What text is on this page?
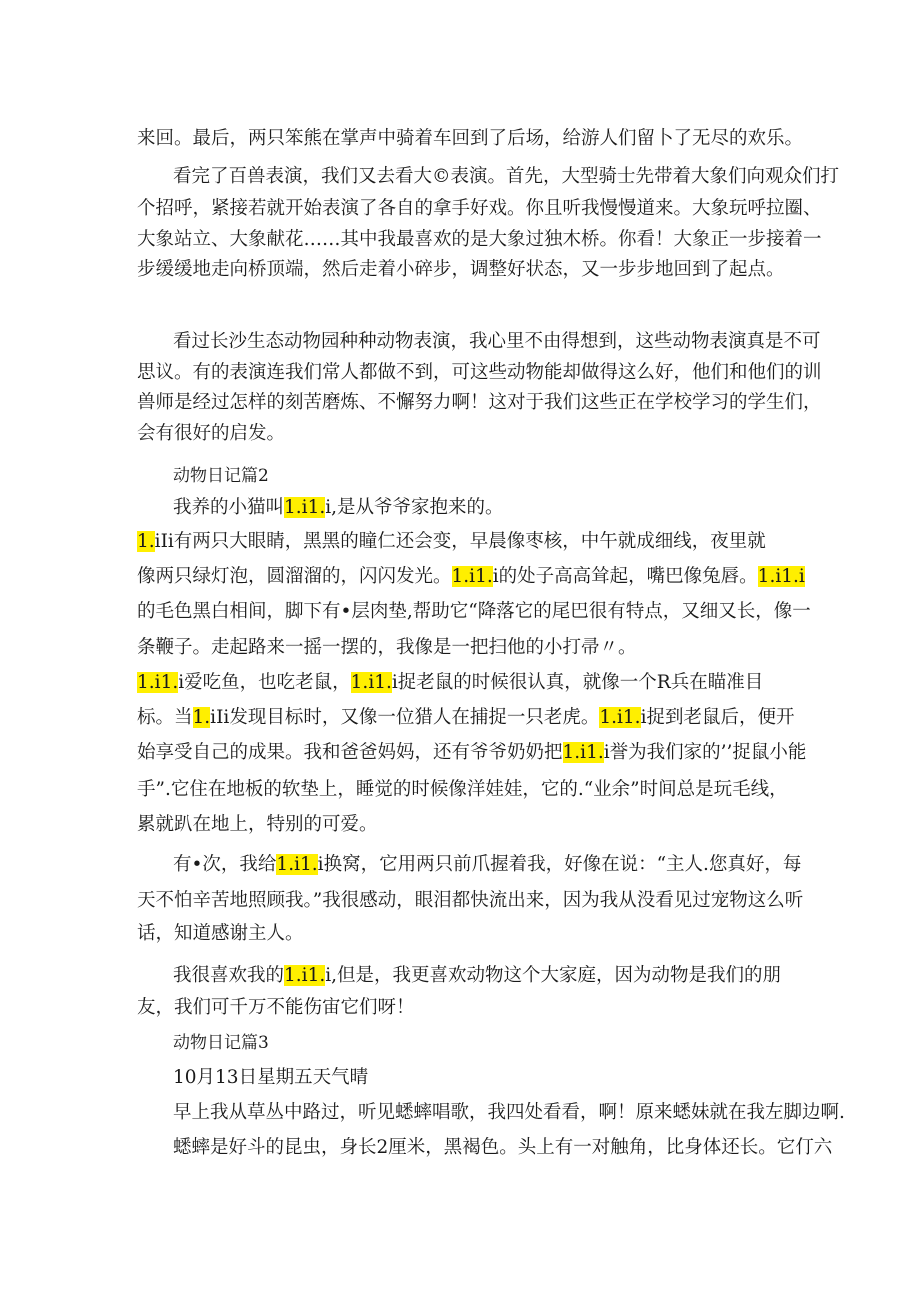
来回。最后，两只笨熊在掌声中骑着车回到了后场，给游人们留卜了无尽的欢乐。
看完了百兽表演，我们又去看大©表演。首先，大型骑士先带着大象们向观众们打
个招呼，紧接若就开始表演了各自的拿手好戏。你且听我慢慢道来。大象玩呼拉圈、
大象站立、大象献花……其中我最喜欢的是大象过独木桥。你看！大象正一步接着一
步缓缓地走向桥顶端，然后走着小碎步，调整好状态，又一步步地回到了起点。
看过长沙生态动物园种种动物表演，我心里不由得想到，这些动物表演真是不可
思议。有的表演连我们常人都做不到，可这些动物能却做得这么好，他们和他们的训
兽师是经过怎样的刻苦磨炼、不懈努力啊！这对于我们这些正在学校学习的学生们，
会有很好的启发。
动物日记篇2
我养的小猫叫1.i1.i,是从爷爷家抱来的。
1.iIi有两只大眼睛，黑黑的瞳仁还会变，早晨像枣核，中午就成细线，夜里就
像两只绿灯泡，圆溜溜的，闪闪发光。1.i1.i的处子高高耸起，嘴巴像兔唇。1.i1.i
的毛色黑白相间，脚下有•层肉垫,帮助它“降落它的尾巴很有特点，又细又长，像一
条鞭子。走起路来一摇一摆的，我像是一把扫他的小打帚〃。
1.i1.i爱吃鱼，也吃老鼠，1.i1.i捉老鼠的时候很认真，就像一个R兵在瞄准目
标。当1.iIi发现目标时，又像一位猎人在捕捉一只老虎。1.i1.i捉到老鼠后，便开
始享受自己的成果。我和爸爸妈妈，还有爷爷奶奶把1.i1.i誉为我们家的’’捉鼠小能
手”.它住在地板的软垫上，睡觉的时候像洋娃娃，它的.“业余”时间总是玩毛线，
累就趴在地上，特别的可爱。
有•次，我给1.i1.i换窝，它用两只前爪握着我，好像在说：“主人.您真好，每
天不怕辛苦地照顾我。”我很感动，眼泪都快流出来，因为我从没看见过宠物这么听
话，知道感谢主人。
我很喜欢我的1.i1.i,但是，我更喜欢动物这个大家庭，因为动物是我们的朋
友，我们可千万不能伤宙它们呀！
动物日记篇3
10月13日星期五天气晴
早上我从草丛中路过，听见蟋蟀唱歌，我四处看看，啊！原来蟋妹就在我左脚边啊.
蟋蟀是好斗的昆虫，身长2厘米，黑褐色。头上有一对触角，比身体还长。它仃六
